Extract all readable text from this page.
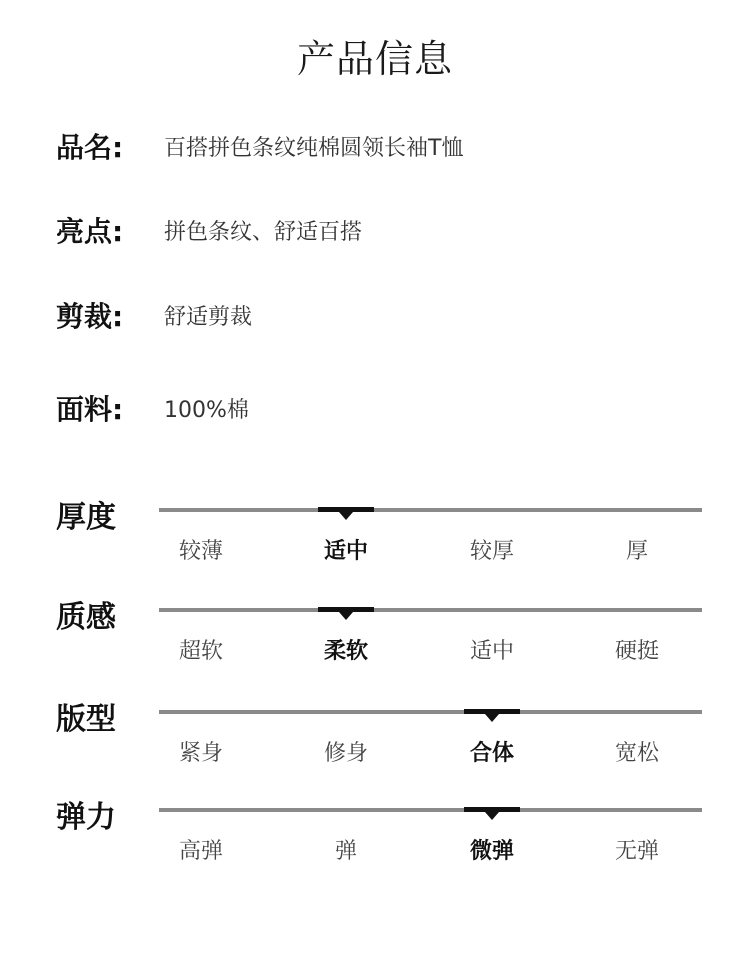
产品信息
品名:	百搭拼色条纹纯棉圆领长袖T恤
亮点:	拼色条纹、舒适百搭
剪裁:	舒适剪裁
面料:	100%棉
厚度
较薄	适中	较厚	厚
质感
超软	柔软	适中	硬挺
版型
紧身	修身	合体	宽松
弹力
高弹	弹	微弹	无弹
